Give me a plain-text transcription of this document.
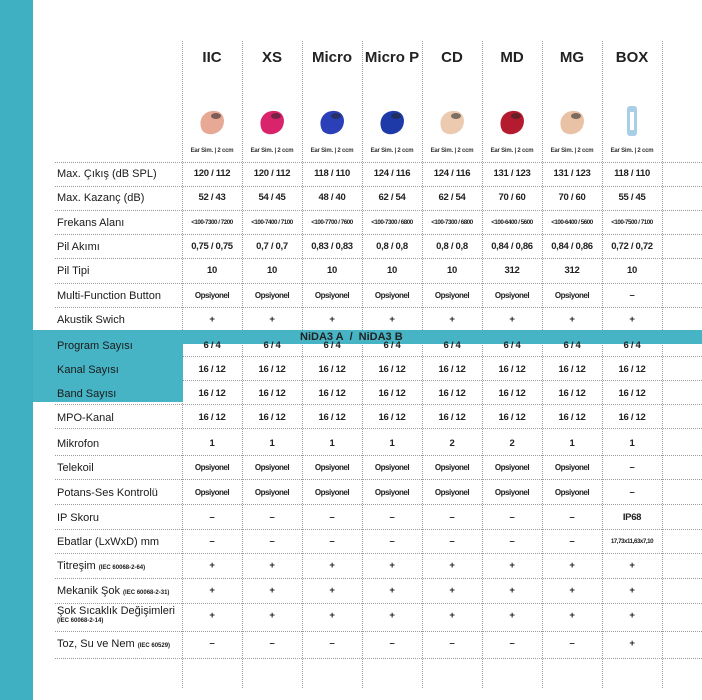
IIC
Ear Sim. | 2 ccm
XS
Ear Sim. | 2 ccm
Micro
Ear Sim. | 2 ccm
Micro P
Ear Sim. | 2 ccm
CD
Ear Sim. | 2 ccm
MD
Ear Sim. | 2 ccm
MG
Ear Sim. | 2 ccm
BOX
Ear Sim. | 2 ccm
NiDA3 A / NiDA3 B
Max. Çıkış (dB SPL)	120 / 112	120 / 112	118 / 110	124 / 116	124 / 116	131 / 123	131 / 123	118 / 110
Max. Kazanç (dB)	52 / 43	54 / 45	48 / 40	62 / 54	62 / 54	70 / 60	70 / 60	55 / 45
Frekans Alanı	<100-7300 / 7200	<100-7400 / 7100	<100-7700 / 7600	<100-7300 / 6800	<100-7300 / 6800	<100-6400 / 5600	<100-6400 / 5600	<100-7500 / 7100
Pil Akımı	0,75 / 0,75	0,7 / 0,7	0,83 / 0,83	0,8 / 0,8	0,8 / 0,8	0,84 / 0,86	0,84 / 0,86	0,72 / 0,72
Pil Tipi	10	10	10	10	10	312	312	10
Multi-Function Button	Opsiyonel	Opsiyonel	Opsiyonel	Opsiyonel	Opsiyonel	Opsiyonel	Opsiyonel	–
Akustik Swich	+	+	+	+	+	+	+	+
Program Sayısı	6 / 4	6 / 4	6 / 4	6 / 4	6 / 4	6 / 4	6 / 4	6 / 4
Kanal Sayısı	16 / 12	16 / 12	16 / 12	16 / 12	16 / 12	16 / 12	16 / 12	16 / 12
Band Sayısı	16 / 12	16 / 12	16 / 12	16 / 12	16 / 12	16 / 12	16 / 12	16 / 12
MPO-Kanal	16 / 12	16 / 12	16 / 12	16 / 12	16 / 12	16 / 12	16 / 12	16 / 12
Mikrofon	1	1	1	1	2	2	1	1
Telekoil	Opsiyonel	Opsiyonel	Opsiyonel	Opsiyonel	Opsiyonel	Opsiyonel	Opsiyonel	–
Potans-Ses Kontrolü	Opsiyonel	Opsiyonel	Opsiyonel	Opsiyonel	Opsiyonel	Opsiyonel	Opsiyonel	–
IP Skoru	–	–	–	–	–	–	–	IP68
Ebatlar (LxWxD) mm	–	–	–	–	–	–	–	17,73x11,63x7,10
Titreşim (IEC 60068-2-64)	+	+	+	+	+	+	+	+
Mekanik Şok (IEC 60068-2-31)	+	+	+	+	+	+	+	+
Şok Sıcaklık Değişimleri
(IEC 60068-2-14)	+	+	+	+	+	+	+	+
Toz, Su ve Nem (IEC 60529)	–	–	–	–	–	–	–	+
